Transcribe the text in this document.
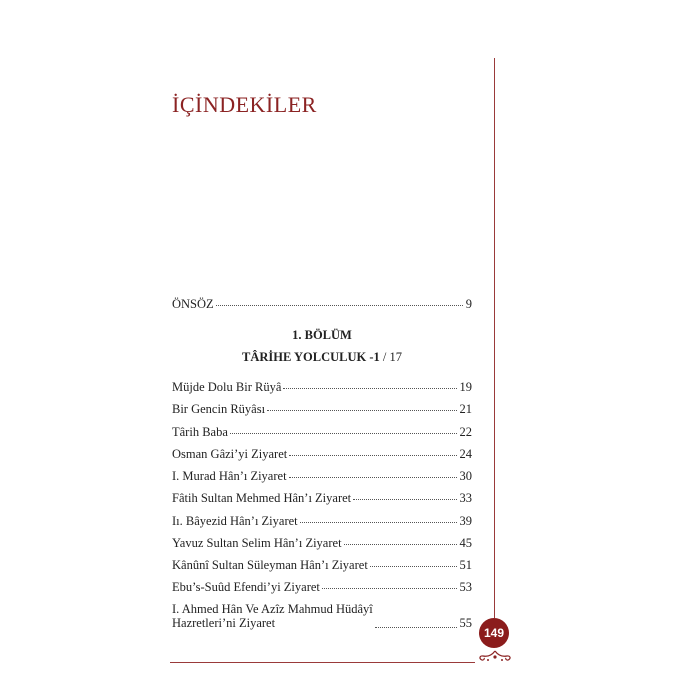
İÇİNDEKİLER
ÖNSÖZ	9
1. BÖLÜM
TÂRİHE YOLCULUK -1 / 17
Müjde Dolu Bir Rüyâ	19
Bir Gencin Rüyâsı	21
Târih Baba	22
Osman Gâzi’yi Ziyaret	24
I. Murad Hân’ı Ziyaret	30
Fâtih Sultan Mehmed Hân’ı Ziyaret	33
Iı. Bâyezid Hân’ı Ziyaret	39
Yavuz Sultan Selim Hân’ı Ziyaret	45
Kânûnî Sultan Süleyman Hân’ı Ziyaret	51
Ebu’s-Suûd Efendi’yi Ziyaret	53
I. Ahmed Hân Ve Azîz Mahmud Hüdâyî
Hazretleri’ni Ziyaret	55
149
